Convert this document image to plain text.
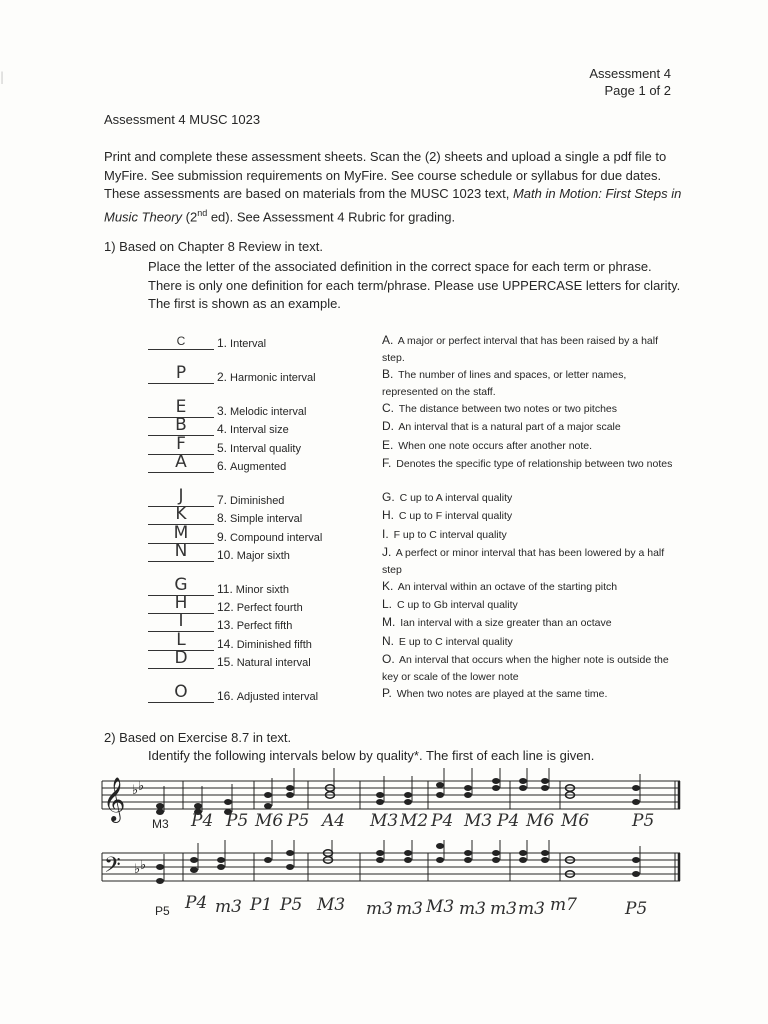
|	Assessment 4
Page 1 of 2
Assessment 4 MUSC 1023
Print and complete these assessment sheets. Scan the (2) sheets and upload a single a pdf file to MyFire. See submission requirements on MyFire. See course schedule or syllabus for due dates. These assessments are based on materials from the MUSC 1023 text, Math in Motion: First Steps in Music Theory (2nd ed). See Assessment 4 Rubric for grading.
1) Based on Chapter 8 Review in text.
Place the letter of the associated definition in the correct space for each term or phrase. There is only one definition for each term/phrase. Please use UPPERCASE letters for clarity. The first is shown as an example.
C	1. Interval
P	2. Harmonic interval
E	3. Melodic interval
B	4. Interval size
F	5. Interval quality
A	6. Augmented
J	7. Diminished
K	8. Simple interval
M	9. Compound interval
N	10. Major sixth
G	11. Minor sixth
H	12. Perfect fourth
I	13. Perfect fifth
L	14. Diminished fifth
D	15. Natural interval
O	16. Adjusted interval
A. A major or perfect interval that has been raised by a half step.
B. The number of lines and spaces, or letter names, represented on the staff.
C. The distance between two notes or two pitches
D. An interval that is a natural part of a major scale
E. When one note occurs after another note.
F. Denotes the specific type of relationship between two notes
G. C up to A interval quality
H. C up to F interval quality
I. F up to C interval quality
J. A perfect or minor interval that has been lowered by a half step
K. An interval within an octave of the starting pitch
L. C up to Gb interval quality
M. Ian interval with a size greater than an octave
N. E up to C interval quality
O. An interval that occurs when the higher note is outside the key or scale of the lower note
P. When two notes are played at the same time.
2) Based on Exercise 8.7 in text.
Identify the following intervals below by quality*. The first of each line is given.
𝄞 ♭ ♭
M3 P4 P5 M6 P5 A4 M3 M2 P4 M3 P4 M6 M6	P5
𝄢 ♭ ♭
P5 P4 m3 P1 P5 M3 m3 m3 M3 m3 m3 m3 m7	P5
